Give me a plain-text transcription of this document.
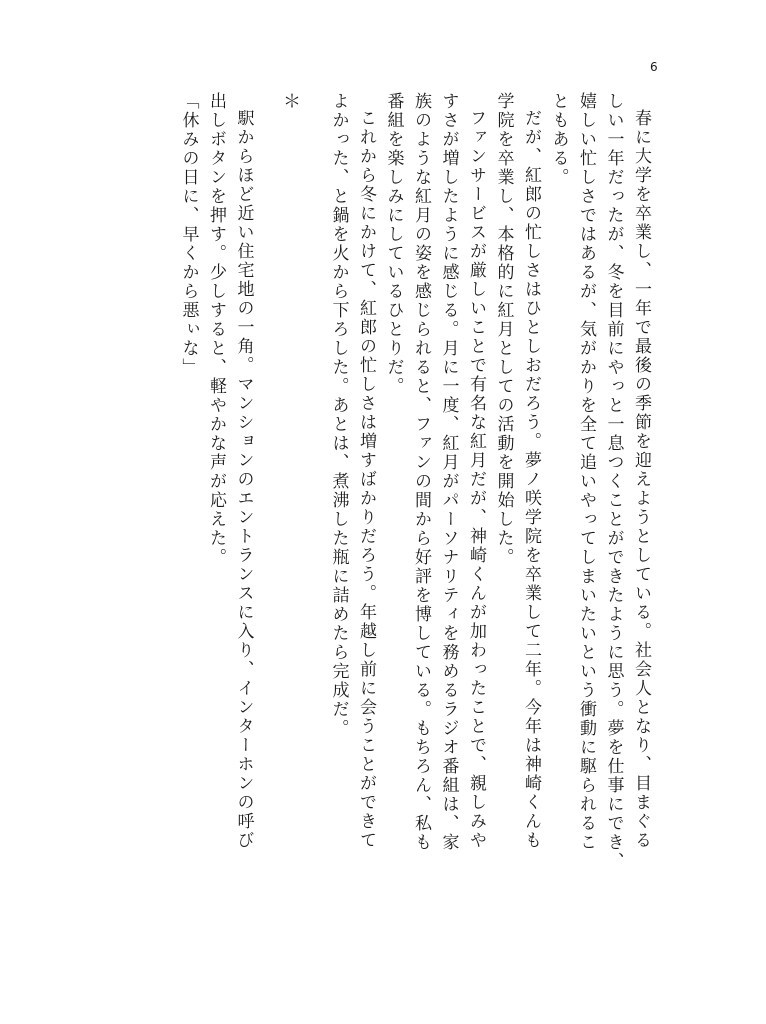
6
春に大学を卒業し、一年で最後の季節を迎えようとしている。社会人となり、目まぐる
しい一年だったが、冬を目前にやっと一息つくことができたように思う。夢を仕事にでき、
嬉しい忙しさではあるが、気がかりを全て追いやってしまいたいという衝動に駆られるこ
ともある。
だが、紅郎の忙しさはひとしおだろう。夢ノ咲学院を卒業して二年。今年は神崎くんも
学院を卒業し、本格的に紅月としての活動を開始した。
ファンサービスが厳しいことで有名な紅月だが、神崎くんが加わったことで、親しみや
すさが増したように感じる。月に一度、紅月がパーソナリティを務めるラジオ番組は、家
族のような紅月の姿を感じられると、ファンの間から好評を博している。もちろん、私も
番組を楽しみにしているひとりだ。
これから冬にかけて、紅郎の忙しさは増すばかりだろう。年越し前に会うことができて
よかった、と鍋を火から下ろした。あとは、煮沸した瓶に詰めたら完成だ。
＊
駅からほど近い住宅地の一角。マンションのエントランスに入り、インターホンの呼び
出しボタンを押す。少しすると、軽やかな声が応えた。
「休みの日に、早くから悪ぃな」
